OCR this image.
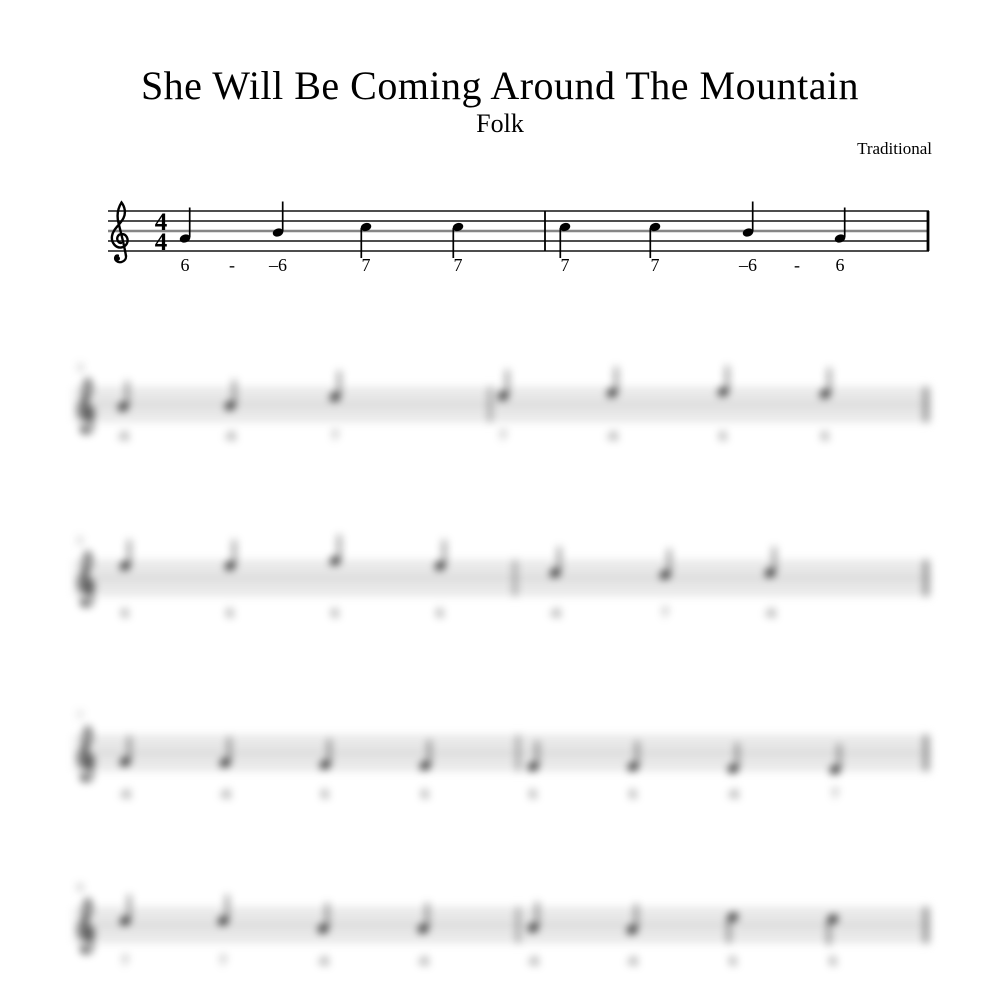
She Will Be Coming Around The Mountain
Folk
Traditional
4
4
6 - –6	7	7	7	7	–6 - 6
3
-6	-6	7	7	-6	6	6
5
6	6	6	6	-6	7	-6
7
-6	-6	6	6	6	6	-6	7
9
7	7	-6	-6	-6	-6	6	6
